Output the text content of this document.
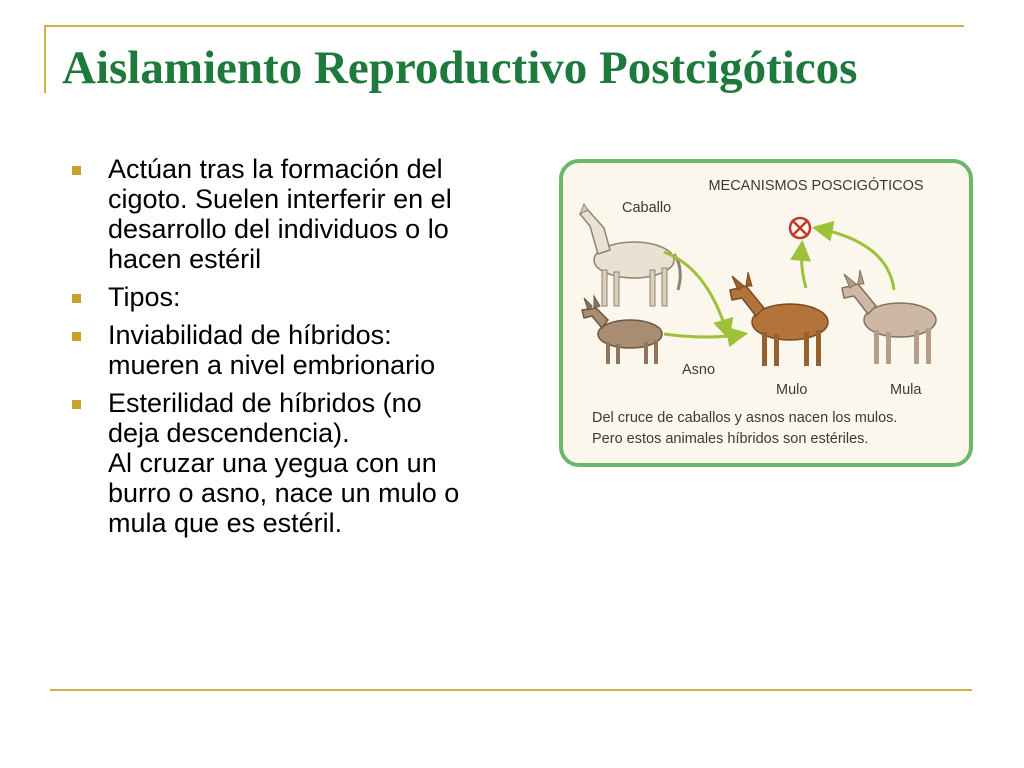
Aislamiento Reproductivo Postcigóticos
Actúan tras la formación del
cigoto. Suelen interferir en el
desarrollo del individuos o lo
hacen estéril
Tipos:
Inviabilidad de híbridos:
mueren a nivel embrionario
Esterilidad de híbridos (no
deja descendencia).
Al cruzar una yegua con un
burro o asno, nace un mulo o
mula que es estéril.
MECANISMOS POSCIGÓTICOS
Caballo
Asno
Mulo	Mula
Del cruce de caballos y asnos nacen los mulos.
Pero estos animales híbridos son estériles.
